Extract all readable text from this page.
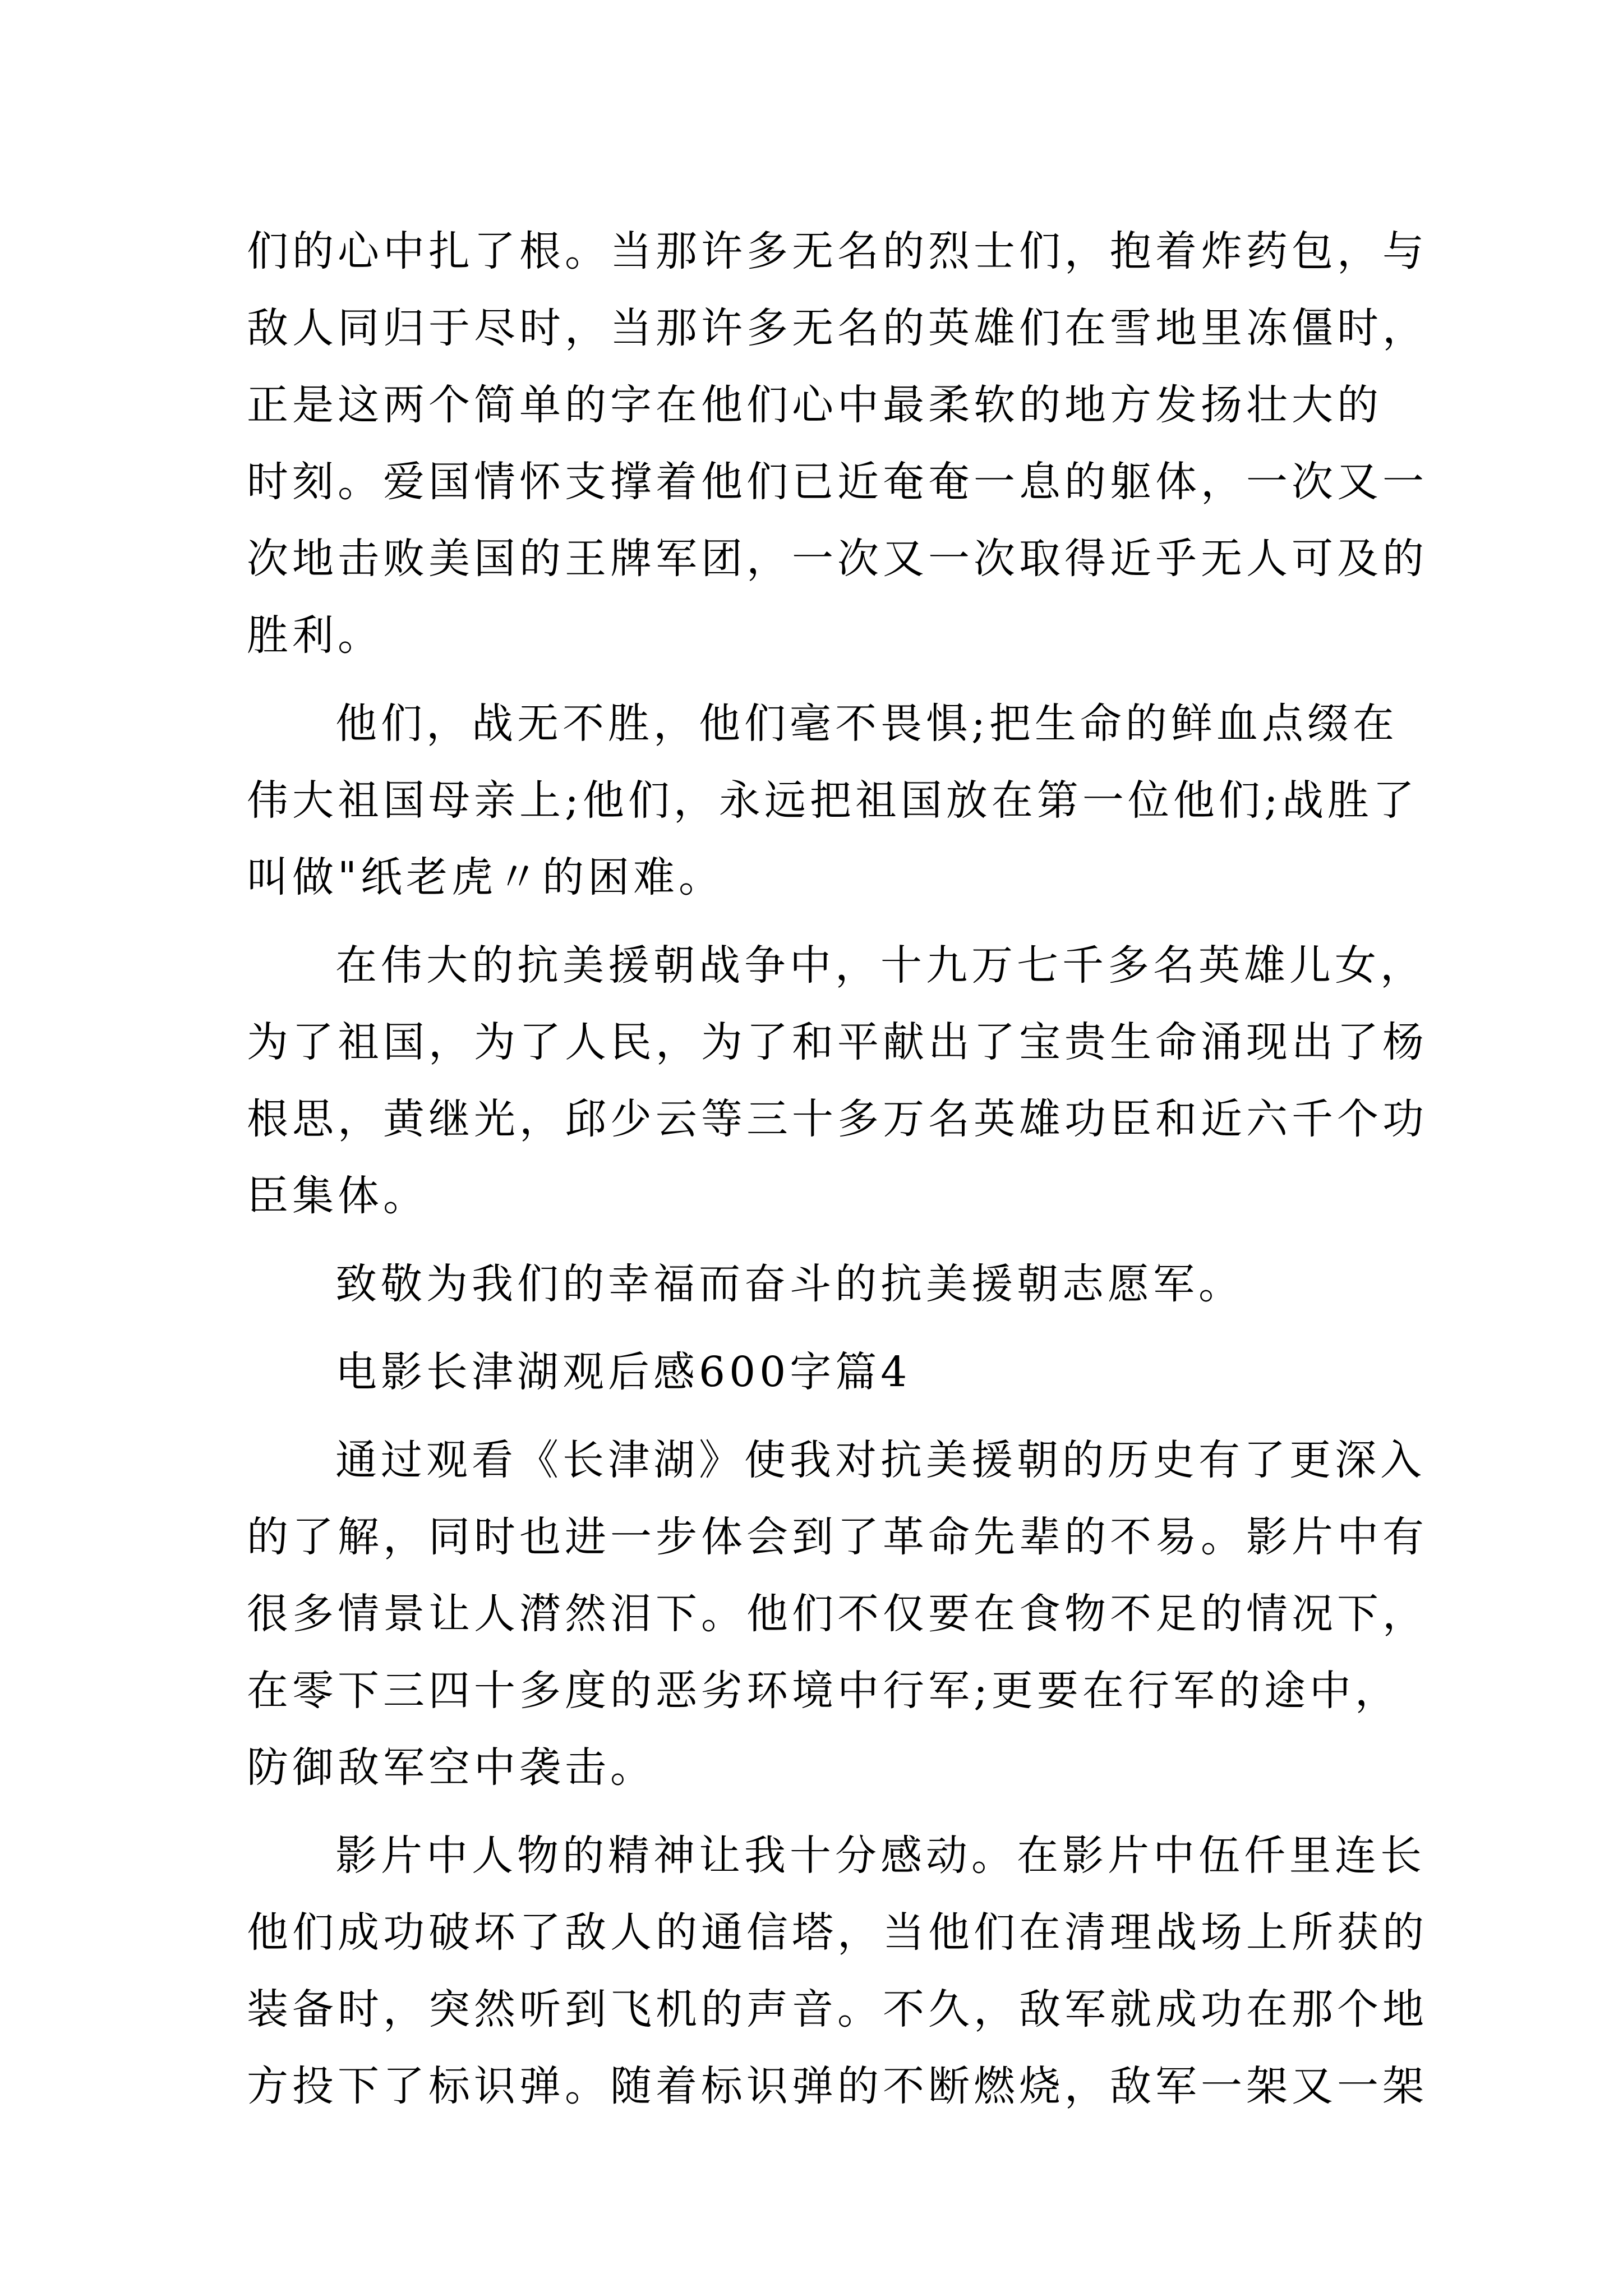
们的心中扎了根。当那许多无名的烈士们，抱着炸药包，与
敌人同归于尽时，当那许多无名的英雄们在雪地里冻僵时，
正是这两个简单的字在他们心中最柔软的地方发扬壮大的
时刻。爱国情怀支撑着他们已近奄奄一息的躯体，一次又一
次地击败美国的王牌军团，一次又一次取得近乎无人可及的
胜利。
他们，战无不胜，他们毫不畏惧;把生命的鲜血点缀在
伟大祖国母亲上;他们，永远把祖国放在第一位他们;战胜了
叫做"纸老虎〃的困难。
在伟大的抗美援朝战争中，十九万七千多名英雄儿女，
为了祖国，为了人民，为了和平献出了宝贵生命涌现出了杨
根思，黄继光，邱少云等三十多万名英雄功臣和近六千个功
臣集体。
致敬为我们的幸福而奋斗的抗美援朝志愿军。
电影长津湖观后感600字篇4
通过观看《长津湖》使我对抗美援朝的历史有了更深入
的了解，同时也进一步体会到了革命先辈的不易。影片中有
很多情景让人潸然泪下。他们不仅要在食物不足的情况下，
在零下三四十多度的恶劣环境中行军;更要在行军的途中，
防御敌军空中袭击。
影片中人物的精神让我十分感动。在影片中伍仟里连长
他们成功破坏了敌人的通信塔，当他们在清理战场上所获的
装备时，突然听到飞机的声音。不久，敌军就成功在那个地
方投下了标识弹。随着标识弹的不断燃烧，敌军一架又一架
